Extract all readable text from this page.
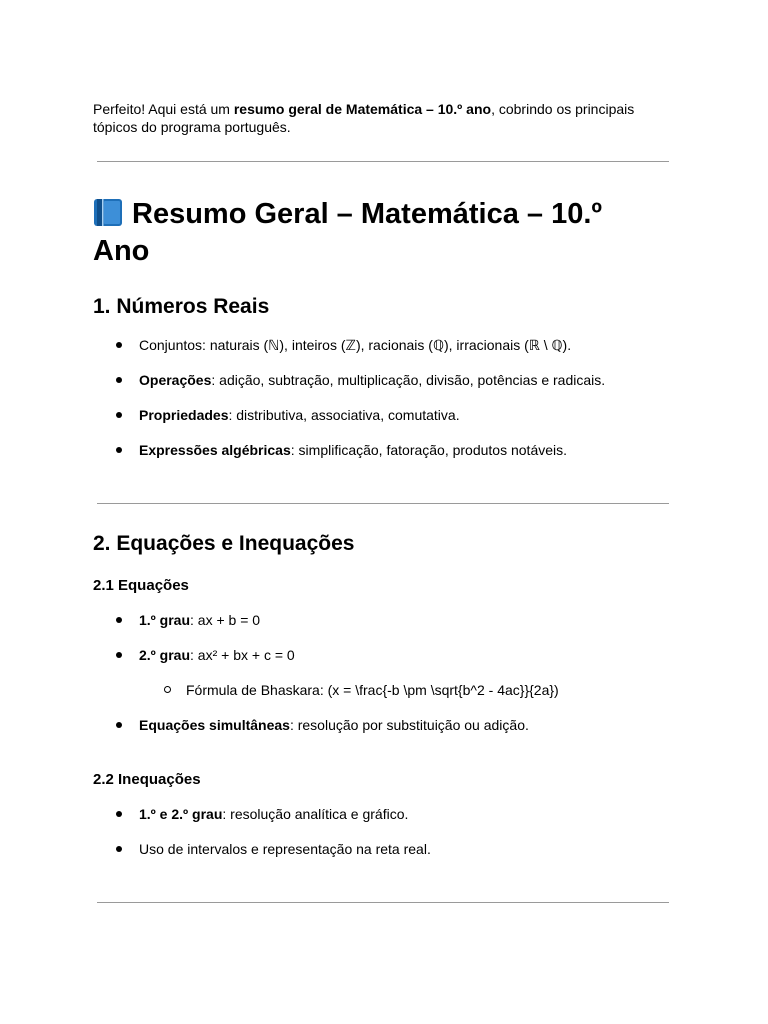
Perfeito! Aqui está um resumo geral de Matemática – 10.º ano, cobrindo os principais tópicos do programa português.

Resumo Geral – Matemática – 10.º Ano
1. Números Reais
Conjuntos: naturais (ℕ), inteiros (ℤ), racionais (ℚ), irracionais (ℝ \ ℚ).
Operações: adição, subtração, multiplicação, divisão, potências e radicais.
Propriedades: distributiva, associativa, comutativa.
Expressões algébricas: simplificação, fatoração, produtos notáveis.
2. Equações e Inequações
2.1 Equações
1.º grau: ax + b = 0
2.º grau: ax² + bx + c = 0
Fórmula de Bhaskara: (x = \frac{-b \pm \sqrt{b^2 - 4ac}}{2a})
Equações simultâneas: resolução por substituição ou adição.
2.2 Inequações
1.º e 2.º grau: resolução analítica e gráfico.
Uso de intervalos e representação na reta real.
